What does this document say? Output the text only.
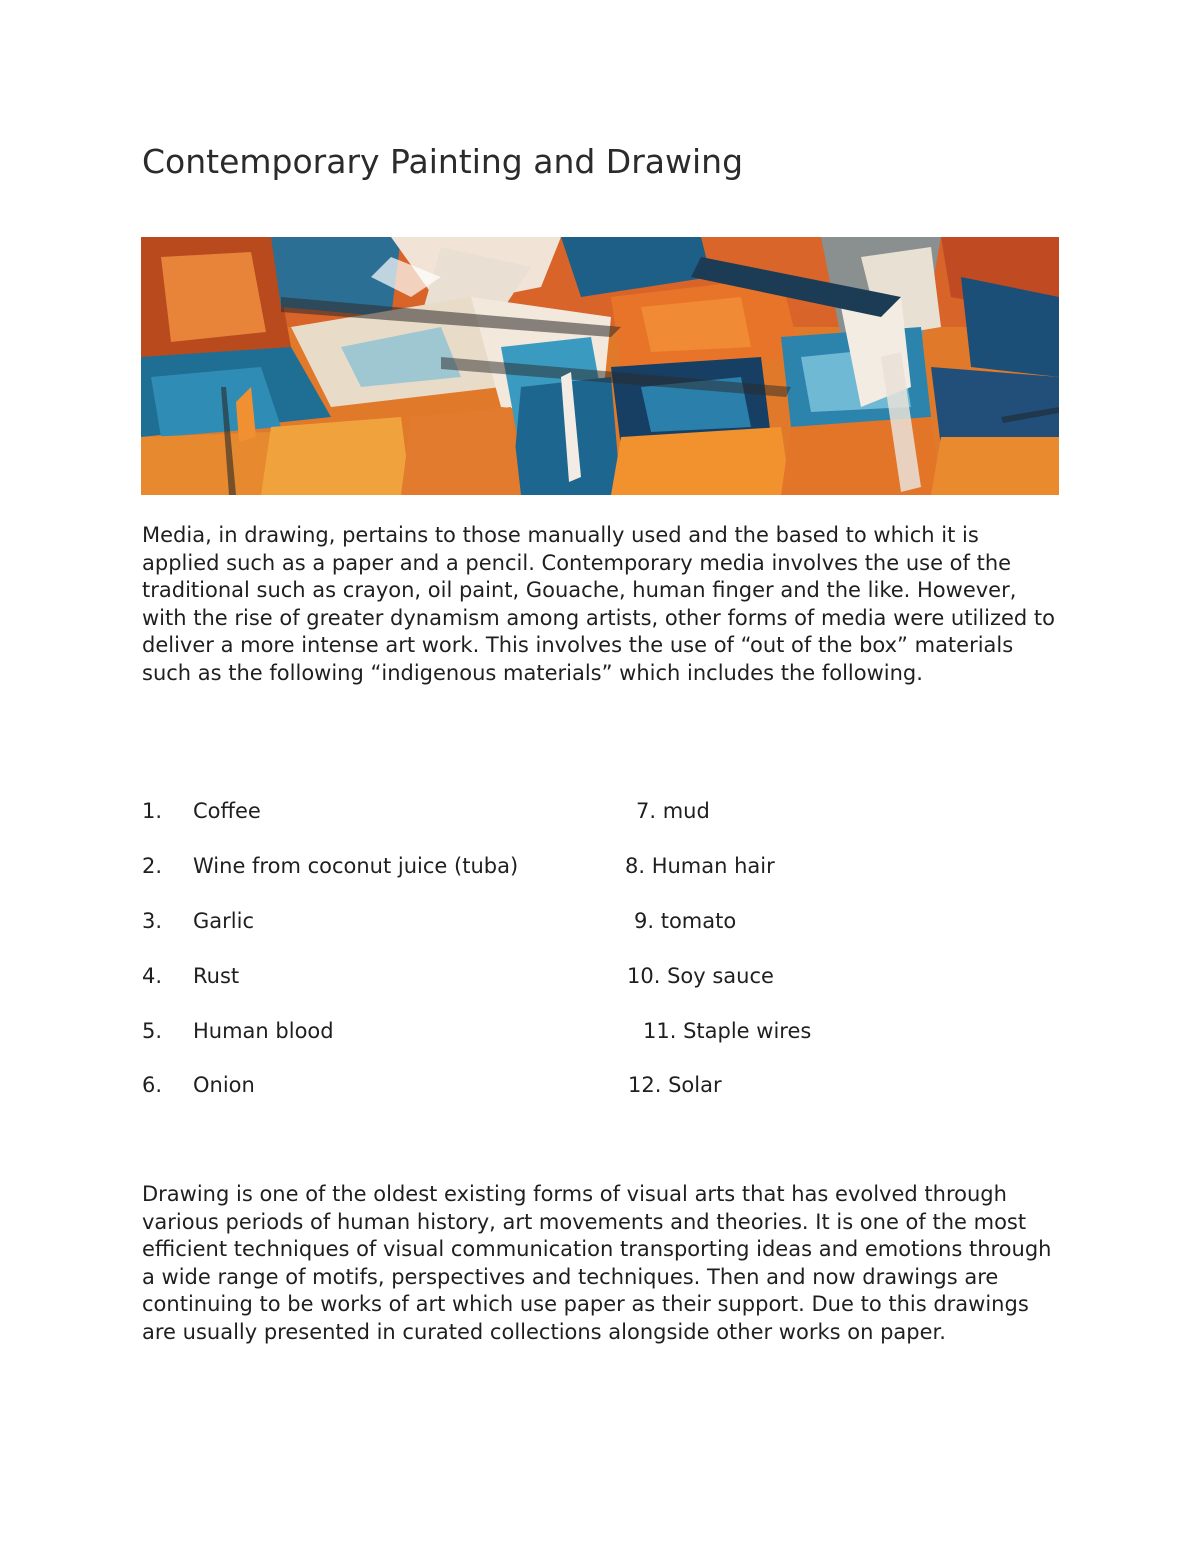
Contemporary Painting and Drawing

Media, in drawing, pertains to those manually used and the based to which it is applied such as a paper and a pencil. Contemporary media involves the use of the traditional such as crayon, oil paint, Gouache, human finger and the like. However, with the rise of greater dynamism among artists, other forms of media were utilized to deliver a more intense art work. This involves the use of “out of the box” materials such as the following “indigenous materials” which includes the following.

1. Coffee
2. Wine from coconut juice (tuba)
3. Garlic
4. Rust
5. Human blood
6. Onion
7. mud
8. Human hair
9. tomato
10. Soy sauce
11. Staple wires
12. Solar

Drawing is one of the oldest existing forms of visual arts that has evolved through various periods of human history, art movements and theories. It is one of the most efficient techniques of visual communication transporting ideas and emotions through a wide range of motifs, perspectives and techniques. Then and now drawings are continuing to be works of art which use paper as their support. Due to this drawings are usually presented in curated collections alongside other works on paper.
